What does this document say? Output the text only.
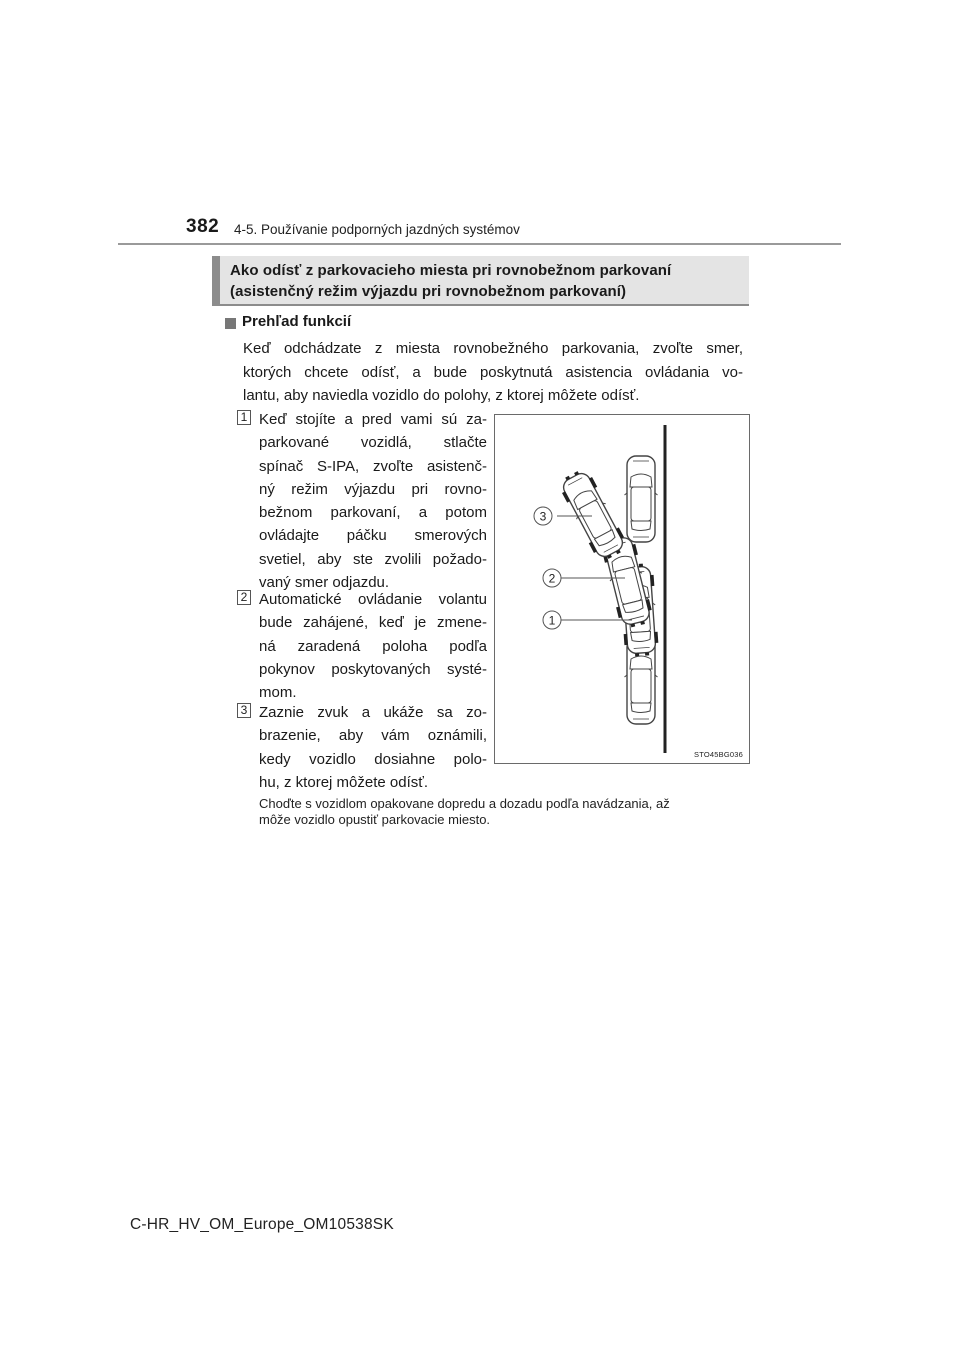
382 4-5. Používanie podporných jazdných systémov
Ako odísť z parkovacieho miesta pri rovnobežnom parkovaní
(asistenčný režim výjazdu pri rovnobežnom parkovaní)
Prehľad funkcií
Keď odchádzate z miesta rovnobežného parkovania, zvoľte smer,
ktorých chcete odísť, a bude poskytnutá asistencia ovládania vo-
lantu, aby naviedla vozidlo do polohy, z ktorej môžete odísť.
1 Keď stojíte a pred vami sú za-
parkované vozidlá, stlačte
spínač S-IPA, zvoľte asistenč-
ný režim výjazdu pri rovno-
bežnom parkovaní, a potom
ovládajte páčku smerových
svetiel, aby ste zvolili požado-
vaný smer odjazdu.
2 Automatické ovládanie volantu
bude zahájené, keď je zmene-
ná zaradená poloha podľa
pokynov poskytovaných systé-
mom.
3 Zaznie zvuk a ukáže sa zo-
brazenie, aby vám oznámili,
kedy vozidlo dosiahne polo-
hu, z ktorej môžete odísť.
3
2
1
STO45BG036
Choďte s vozidlom opakovane dopredu a dozadu podľa navádzania, až
môže vozidlo opustiť parkovacie miesto.
C-HR_HV_OM_Europe_OM10538SK
